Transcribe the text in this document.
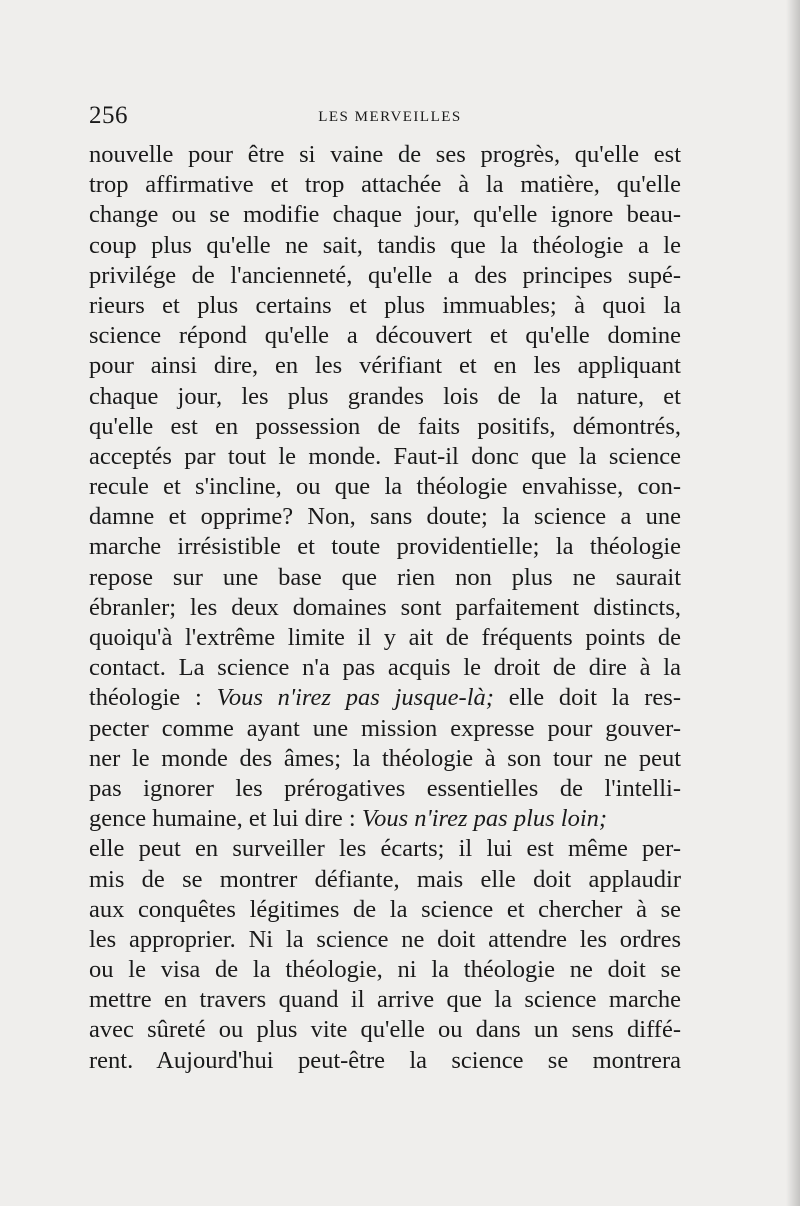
256	LES MERVEILLES
nouvelle pour être si vaine de ses progrès, qu'elle est
trop affirmative et trop attachée à la matière, qu'elle
change ou se modifie chaque jour, qu'elle ignore beau-
coup plus qu'elle ne sait, tandis que la théologie a le
privilége de l'ancienneté, qu'elle a des principes supé-
rieurs et plus certains et plus immuables; à quoi la
science répond qu'elle a découvert et qu'elle domine
pour ainsi dire, en les vérifiant et en les appliquant
chaque jour, les plus grandes lois de la nature, et
qu'elle est en possession de faits positifs, démontrés,
acceptés par tout le monde. Faut-il donc que la science
recule et s'incline, ou que la théologie envahisse, con-
damne et opprime? Non, sans doute; la science a une
marche irrésistible et toute providentielle; la théologie
repose sur une base que rien non plus ne saurait
ébranler; les deux domaines sont parfaitement distincts,
quoiqu'à l'extrême limite il y ait de fréquents points de
contact. La science n'a pas acquis le droit de dire à la
théologie : Vous n'irez pas jusque-là; elle doit la res-
pecter comme ayant une mission expresse pour gouver-
ner le monde des âmes; la théologie à son tour ne peut
pas ignorer les prérogatives essentielles de l'intelli-
gence humaine, et lui dire : Vous n'irez pas plus loin;
elle peut en surveiller les écarts; il lui est même per-
mis de se montrer défiante, mais elle doit applaudir
aux conquêtes légitimes de la science et chercher à se
les approprier. Ni la science ne doit attendre les ordres
ou le visa de la théologie, ni la théologie ne doit se
mettre en travers quand il arrive que la science marche
avec sûreté ou plus vite qu'elle ou dans un sens diffé-
rent. Aujourd'hui peut-être la science se montrera
